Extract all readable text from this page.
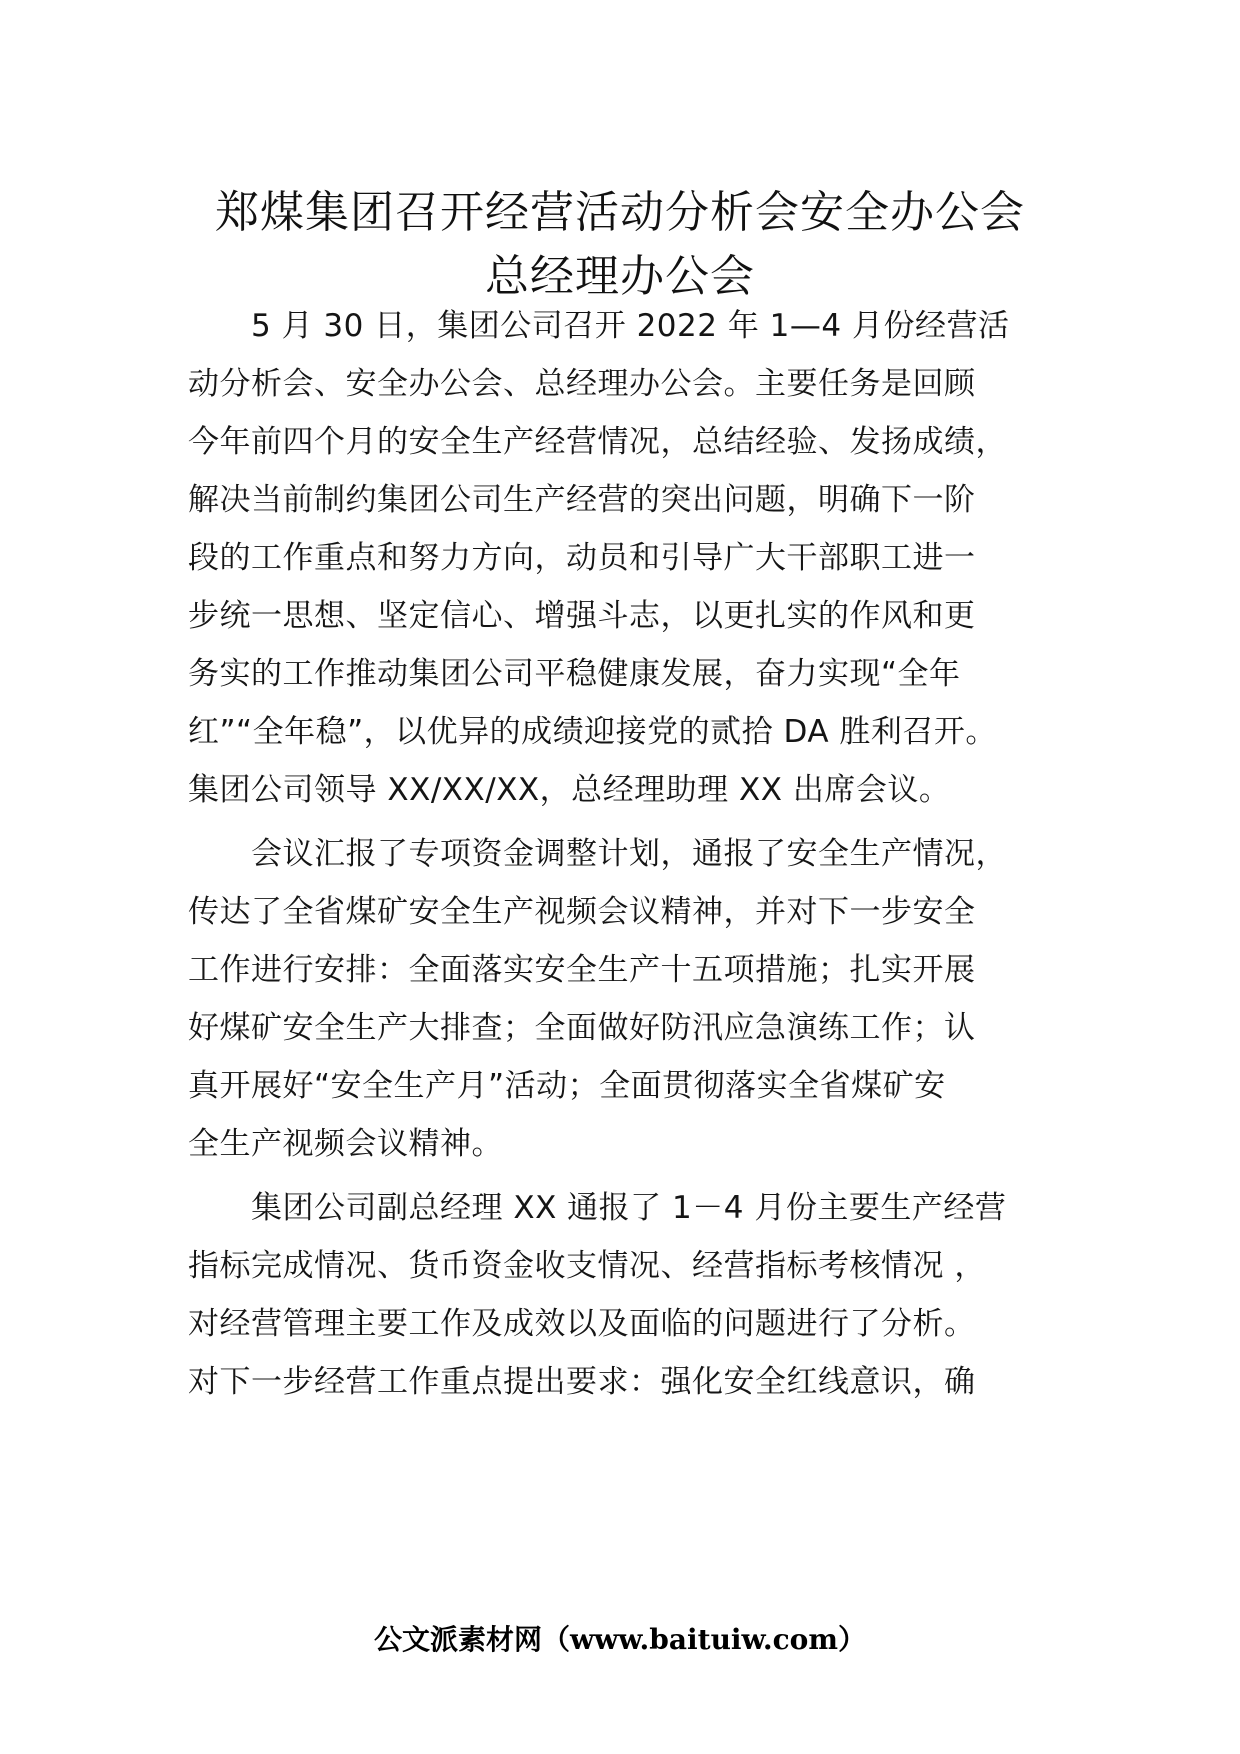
郑煤集团召开经营活动分析会安全办公会
总经理办公会
　　5 月 30 日，集团公司召开 2022 年 1—4 月份经营活
动分析会、安全办公会、总经理办公会。主要任务是回顾
今年前四个月的安全生产经营情况，总结经验、发扬成绩，
解决当前制约集团公司生产经营的突出问题，明确下一阶
段的工作重点和努力方向，动员和引导广大干部职工进一
步统一思想、坚定信心、增强斗志，以更扎实的作风和更
务实的工作推动集团公司平稳健康发展，奋力实现“全年
红”“全年稳”，以优异的成绩迎接党的贰拾 DA 胜利召开。
集团公司领导 XX/XX/XX，总经理助理 XX 出席会议。
　　会议汇报了专项资金调整计划，通报了安全生产情况，
传达了全省煤矿安全生产视频会议精神，并对下一步安全
工作进行安排：全面落实安全生产十五项措施；扎实开展
好煤矿安全生产大排查；全面做好防汛应急演练工作；认
真开展好“安全生产月”活动；全面贯彻落实全省煤矿安
全生产视频会议精神。
　　集团公司副总经理 XX 通报了 1－4 月份主要生产经营
指标完成情况、货币资金收支情况、经营指标考核情况 ，
对经营管理主要工作及成效以及面临的问题进行了分析。
对下一步经营工作重点提出要求：强化安全红线意识，确
公文派素材网（www.baituiw.com）
